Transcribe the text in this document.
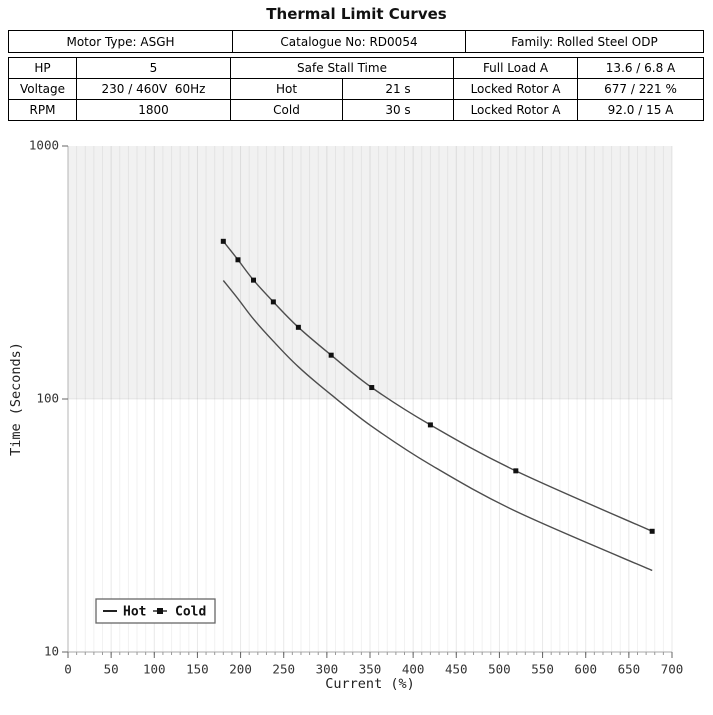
Thermal Limit Curves
Motor Type: ASGH	Catalogue No: RD0054	Family: Rolled Steel ODP
HP	5	Safe Stall Time		Full Load A	13.6 / 6.8 A
Voltage	230 / 460V  60Hz	Hot	21 s	Locked Rotor A	677 / 221 %
RPM	1800	Cold	30 s	Locked Rotor A	92.0 / 15 A
0	50 100 150 200 250 300 350 400 450 500 550 600 650 700
10
100
1000
Current (%)
Time (Seconds)
Hot Cold
